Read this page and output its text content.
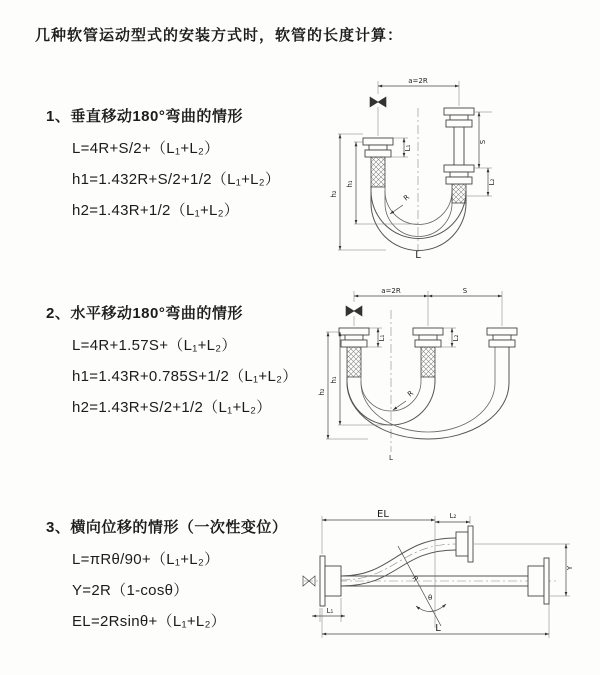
几种软管运动型式的安装方式时，软管的长度计算：
1、垂直移动180°弯曲的情形
L=4R+S/2+（L₁+L₂）
h1=1.432R+S/2+1/2（L₁+L₂）
h2=1.43R+1/2（L₁+L₂）
2、水平移动180°弯曲的情形
L=4R+1.57S+（L₁+L₂）
h1=1.43R+0.785S+1/2（L₁+L₂）
h2=1.43R+S/2+1/2（L₁+L₂）
3、横向位移的情形（一次性变位）
L=πRθ/90+（L₁+L₂）
Y=2R（1-cosθ）
EL=2Rsinθ+（L₁+L₂）
a=2R
S
L₂
h₂
h₁
L₁
R
L
a=2R	S
h₂
h₁
L₁	L₂
R
L
R
θ
EL	L₂
Y
L₁
L
